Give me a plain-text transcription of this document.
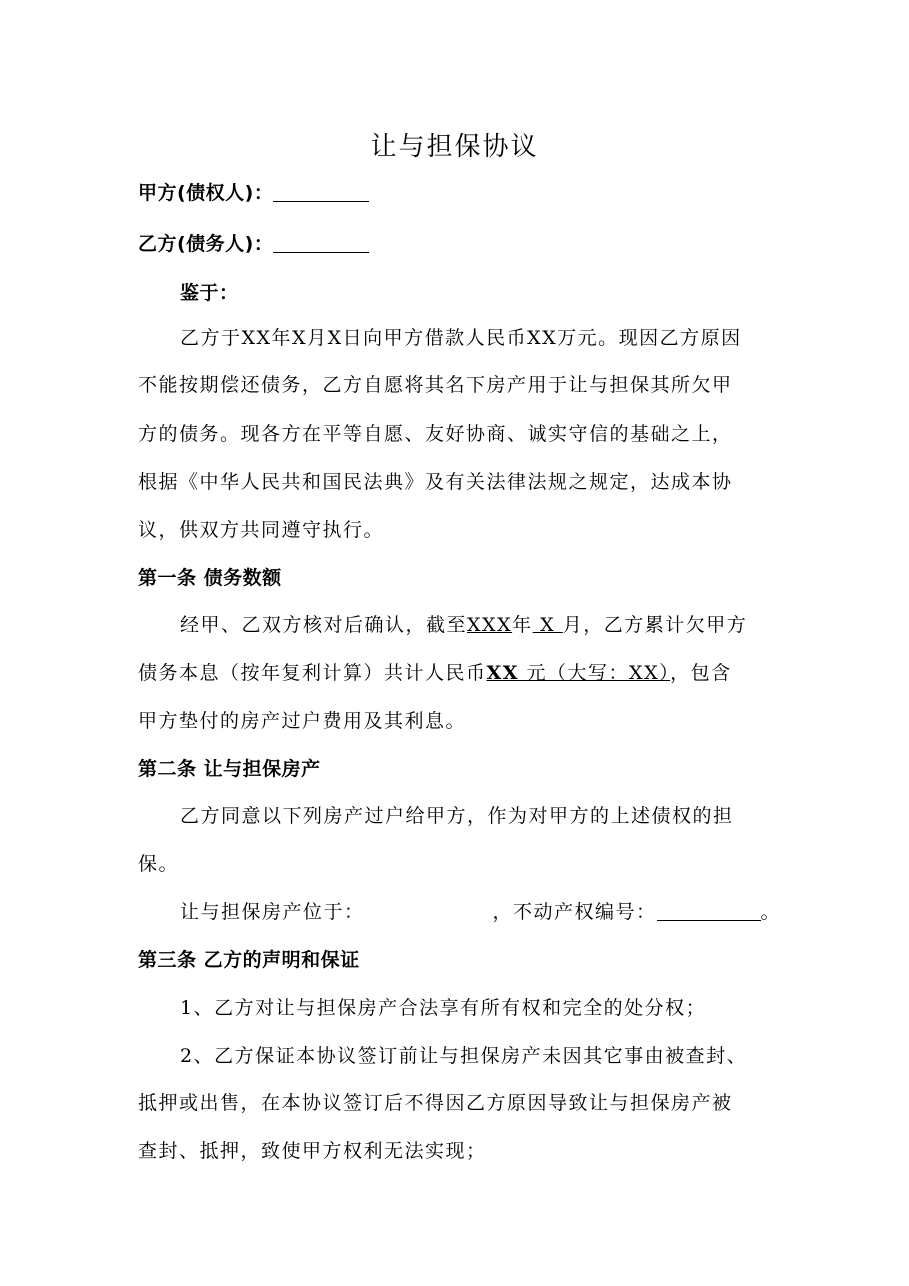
让与担保协议
甲方(债权人)：
乙方(债务人)：
鉴于：
乙方于XX年X月X日向甲方借款人民币XX万元。现因乙方原因
不能按期偿还债务，乙方自愿将其名下房产用于让与担保其所欠甲
方的债务。现各方在平等自愿、友好协商、诚实守信的基础之上，
根据《中华人民共和国民法典》及有关法律法规之规定，达成本协
议，供双方共同遵守执行。
第一条 债务数额
经甲、乙双方核对后确认，截至XXX年 X 月，乙方累计欠甲方
债务本息（按年复利计算）共计人民币XX 元（大写：XX），包含
甲方垫付的房产过户费用及其利息。
第二条 让与担保房产
乙方同意以下列房产过户给甲方，作为对甲方的上述债权的担
保。
让与担保房产位于：	，不动产权编号：	。
第三条 乙方的声明和保证
1、乙方对让与担保房产合法享有所有权和完全的处分权；
2、乙方保证本协议签订前让与担保房产未因其它事由被查封、
抵押或出售，在本协议签订后不得因乙方原因导致让与担保房产被
查封、抵押，致使甲方权利无法实现；
